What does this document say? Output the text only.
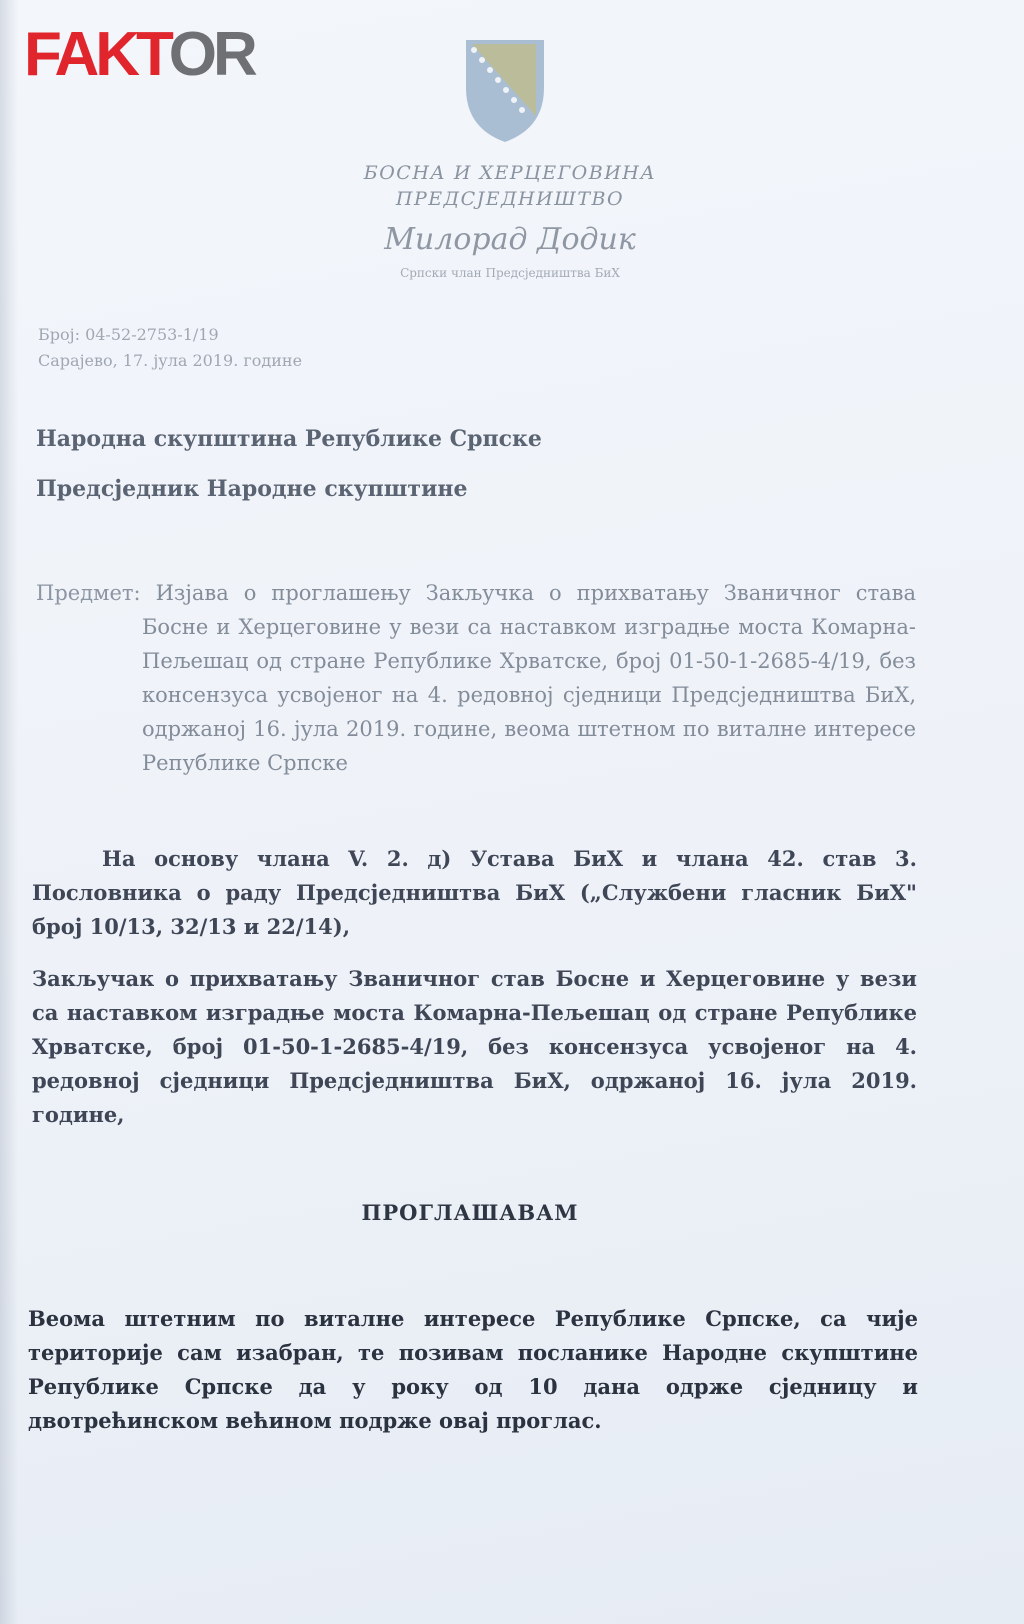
FAKTOR
БОСНА И ХЕРЦЕГОВИНА
ПРЕДСЈЕДНИШТВО
Милорад Додик
Српски члан Предсједништва БиХ
Број: 04-52-2753-1/19
Сарајево, 17. јула 2019. године
Народна скупштина Републике Српске
Предсједник Народне скупштине
Предмет: Изјава о проглашењу Закључка о прихватању Званичног става Босне и Херцеговине у вези са наставком изградње моста Комарна-Пељешац од стране Републике Хрватске, број 01-50-1-2685-4/19, без консензуса усвојеног на 4. редовној сједници Предсједништва БиХ, одржаној 16. јула 2019. године, веома штетном по виталне интересе Републике Српске
На основу члана V. 2. д) Устава БиХ и члана 42. став 3. Пословника о раду Предсједништва БиХ („Службени гласник БиХ" број 10/13, 32/13 и 22/14),
Закључак о прихватању Званичног став Босне и Херцеговине у вези са наставком изградње моста Комарна-Пељешац од стране Републике Хрватске, број 01-50-1-2685-4/19, без консензуса усвојеног на 4. редовној сједници Предсједништва БиХ, одржаној 16. јула 2019. године,
ПРОГЛАШАВАМ
Веома штетним по виталне интересе Републике Српске, са чије територије сам изабран, те позивам посланике Народне скупштине Републике Српске да у року од 10 дана одрже сједницу и двотрећинском већином подрже овај проглас.
